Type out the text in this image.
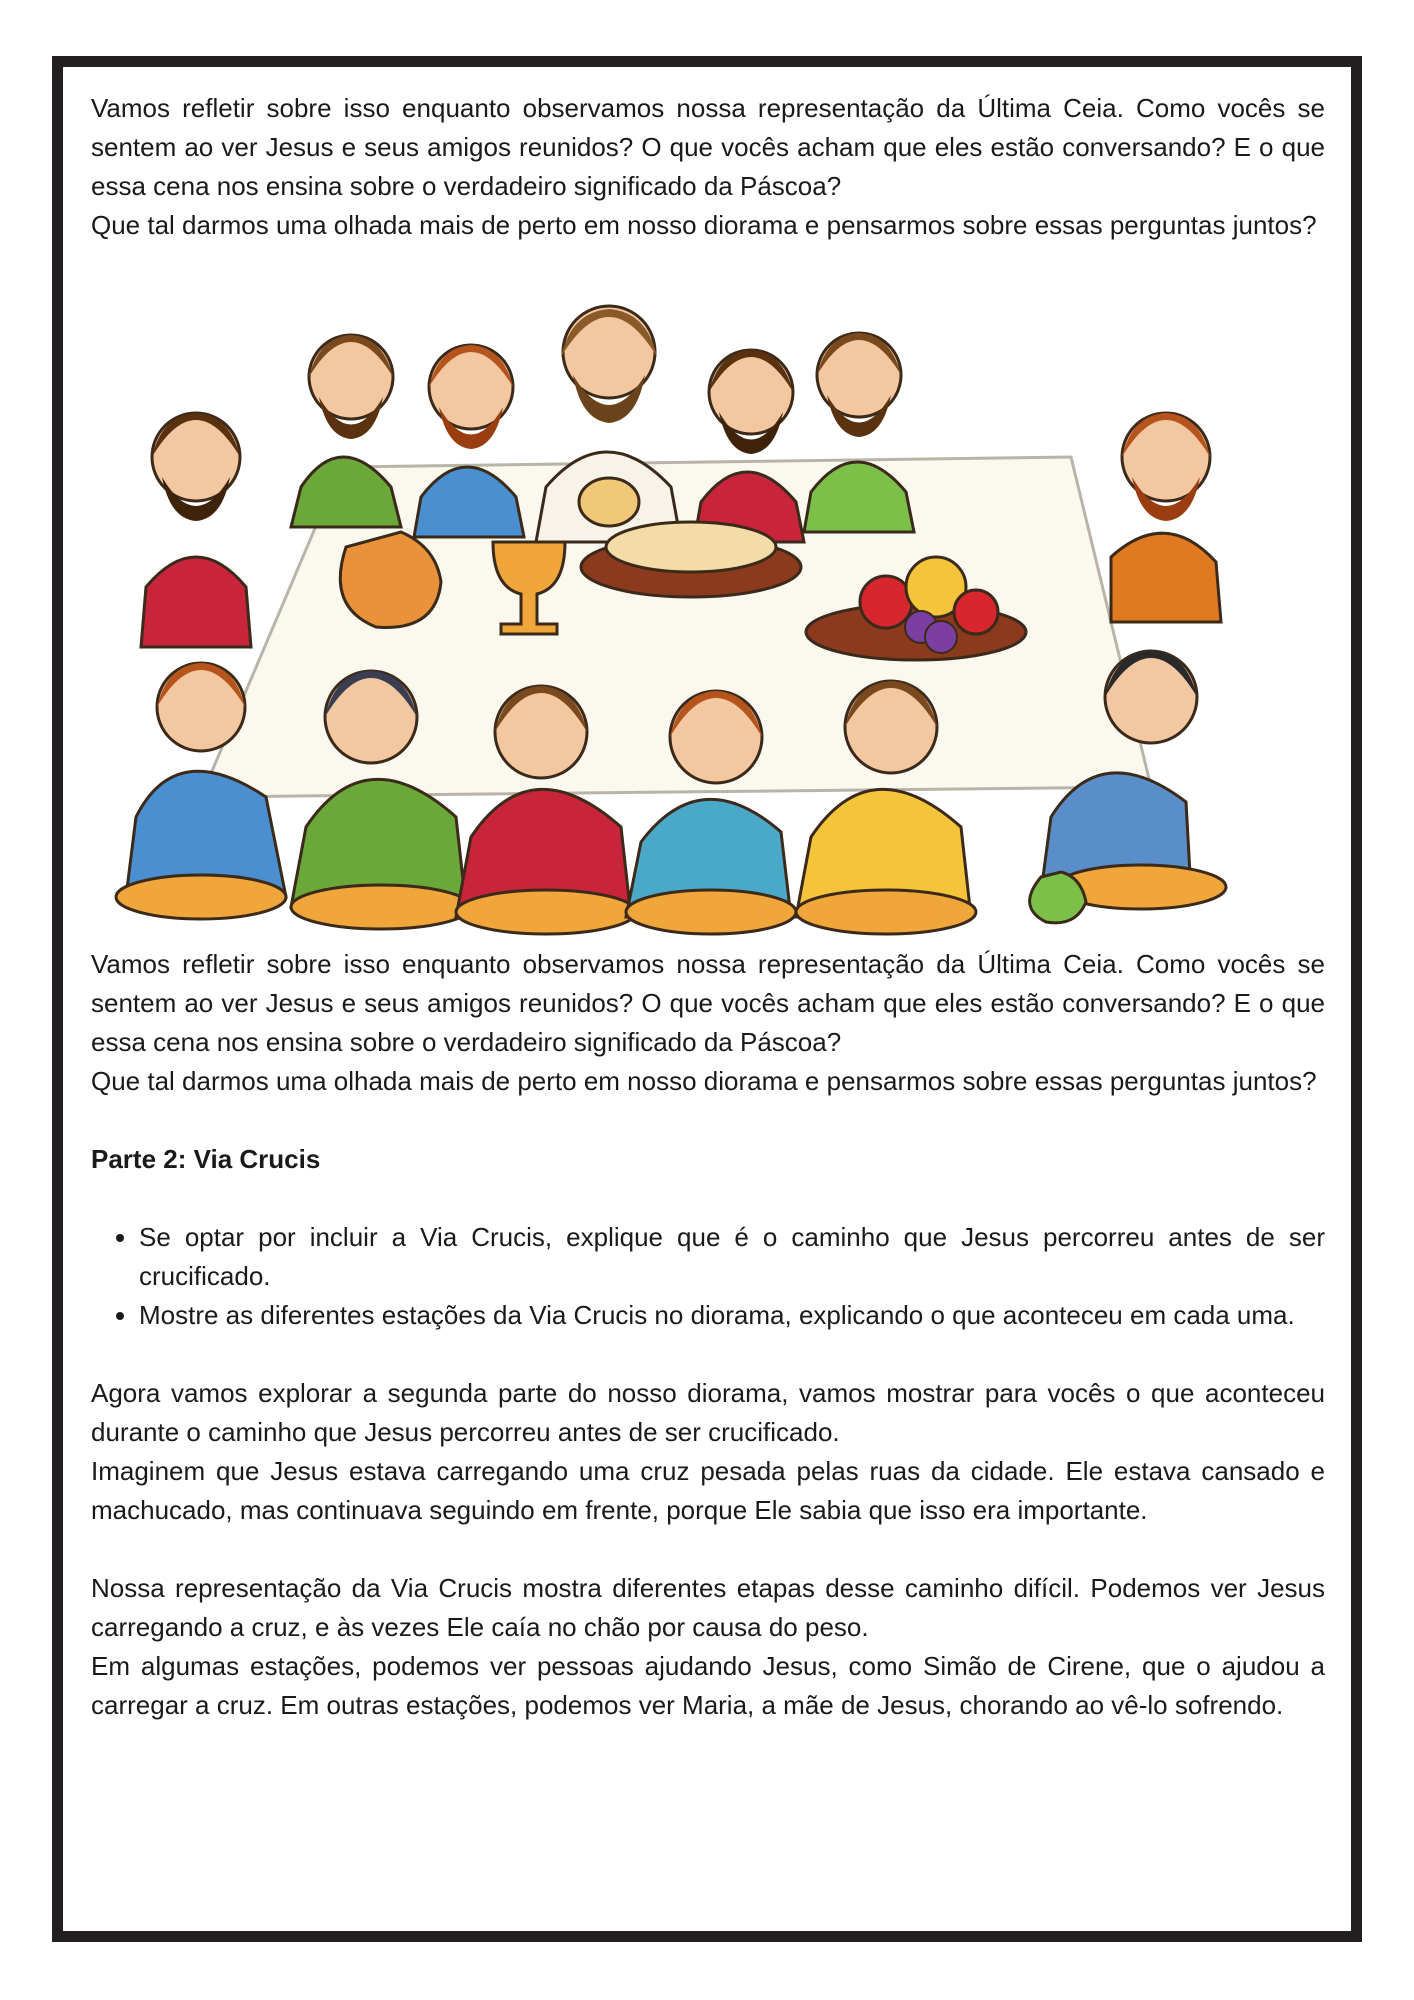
Vamos refletir sobre isso enquanto observamos nossa representação da Última Ceia. Como vocês se sentem ao ver Jesus e seus amigos reunidos? O que vocês acham que eles estão conversando? E o que essa cena nos ensina sobre o verdadeiro significado da Páscoa?

Que tal darmos uma olhada mais de perto em nosso diorama e pensarmos sobre essas perguntas juntos?

Vamos refletir sobre isso enquanto observamos nossa representação da Última Ceia. Como vocês se sentem ao ver Jesus e seus amigos reunidos? O que vocês acham que eles estão conversando? E o que essa cena nos ensina sobre o verdadeiro significado da Páscoa?

Que tal darmos uma olhada mais de perto em nosso diorama e pensarmos sobre essas perguntas juntos?

Parte 2: Via Crucis

• Se optar por incluir a Via Crucis, explique que é o caminho que Jesus percorreu antes de ser crucificado.
• Mostre as diferentes estações da Via Crucis no diorama, explicando o que aconteceu em cada uma.

Agora vamos explorar a segunda parte do nosso diorama, vamos mostrar para vocês o que aconteceu durante o caminho que Jesus percorreu antes de ser crucificado.

Imaginem que Jesus estava carregando uma cruz pesada pelas ruas da cidade. Ele estava cansado e machucado, mas continuava seguindo em frente, porque Ele sabia que isso era importante.

Nossa representação da Via Crucis mostra diferentes etapas desse caminho difícil. Podemos ver Jesus carregando a cruz, e às vezes Ele caía no chão por causa do peso.

Em algumas estações, podemos ver pessoas ajudando Jesus, como Simão de Cirene, que o ajudou a carregar a cruz. Em outras estações, podemos ver Maria, a mãe de Jesus, chorando ao vê-lo sofrendo.
